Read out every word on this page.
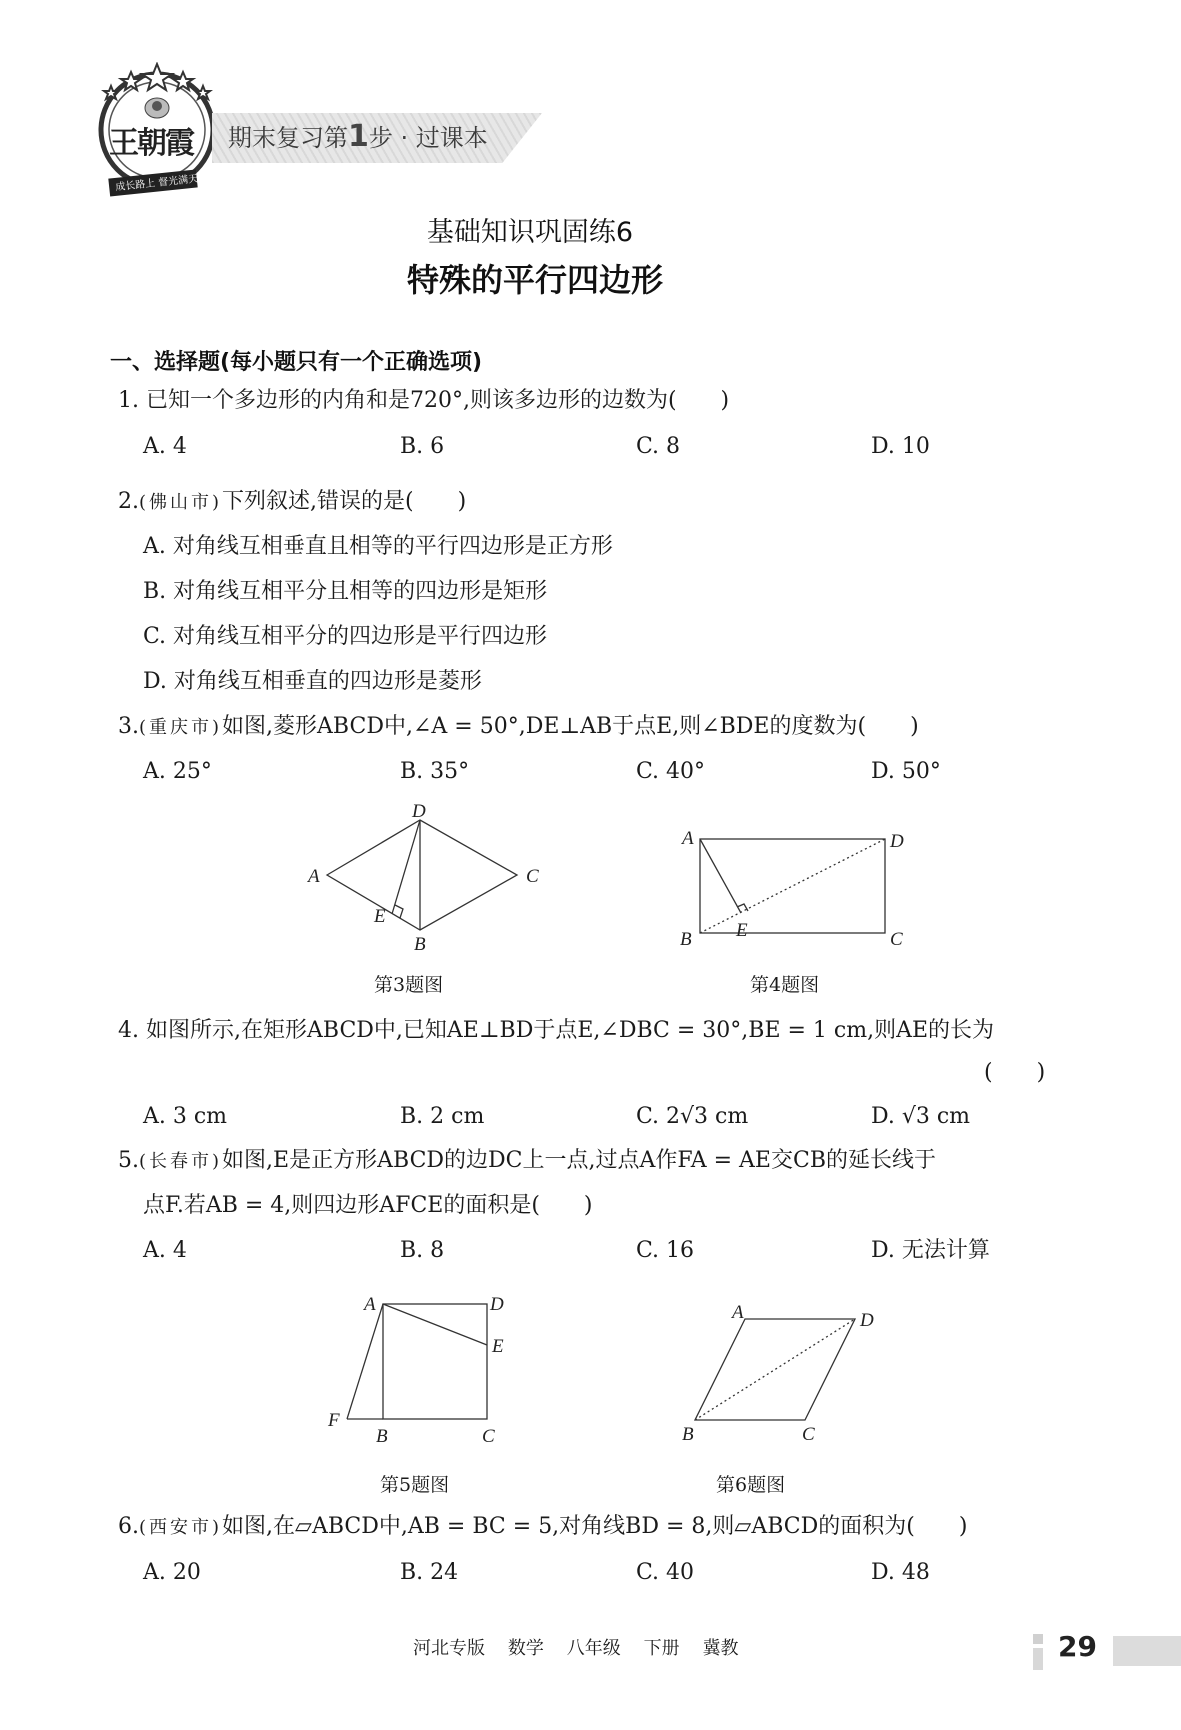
王朝霞
成长路上 督光满天
期末复习第1步 · 过课本
基础知识巩固练6
特殊的平行四边形
一、选择题(每小题只有一个正确选项)
1. 已知一个多边形的内角和是720°,则该多边形的边数为(　　)
A. 4	B. 6	C. 8	D. 10
2.(佛山市)下列叙述,错误的是(　　)
A. 对角线互相垂直且相等的平行四边形是正方形
B. 对角线互相平分且相等的四边形是矩形
C. 对角线互相平分的四边形是平行四边形
D. 对角线互相垂直的四边形是菱形
3.(重庆市)如图,菱形ABCD中,∠A = 50°,DE⊥AB于点E,则∠BDE的度数为(　　)
A. 25°	B. 35°	C. 40°	D. 50°
D
A	C
E
B
第3题图
A	D
B E	C
第4题图
4. 如图所示,在矩形ABCD中,已知AE⊥BD于点E,∠DBC = 30°,BE = 1 cm,则AE的长为
(　　)
A. 3 cm	B. 2 cm	C. 2√3 cm	D. √3 cm
5.(长春市)如图,E是正方形ABCD的边DC上一点,过点A作FA = AE交CB的延长线于
点F.若AB = 4,则四边形AFCE的面积是(　　)
A. 4	B. 8	C. 16	D. 无法计算
A	D
E
F
B	C
第5题图
A	D
B	C
第6题图
6.(西安市)如图,在▱ABCD中,AB = BC = 5,对角线BD = 8,则▱ABCD的面积为(　　)
A. 20	B. 24	C. 40	D. 48
河北专版 数学 八年级 下册 冀教	29
